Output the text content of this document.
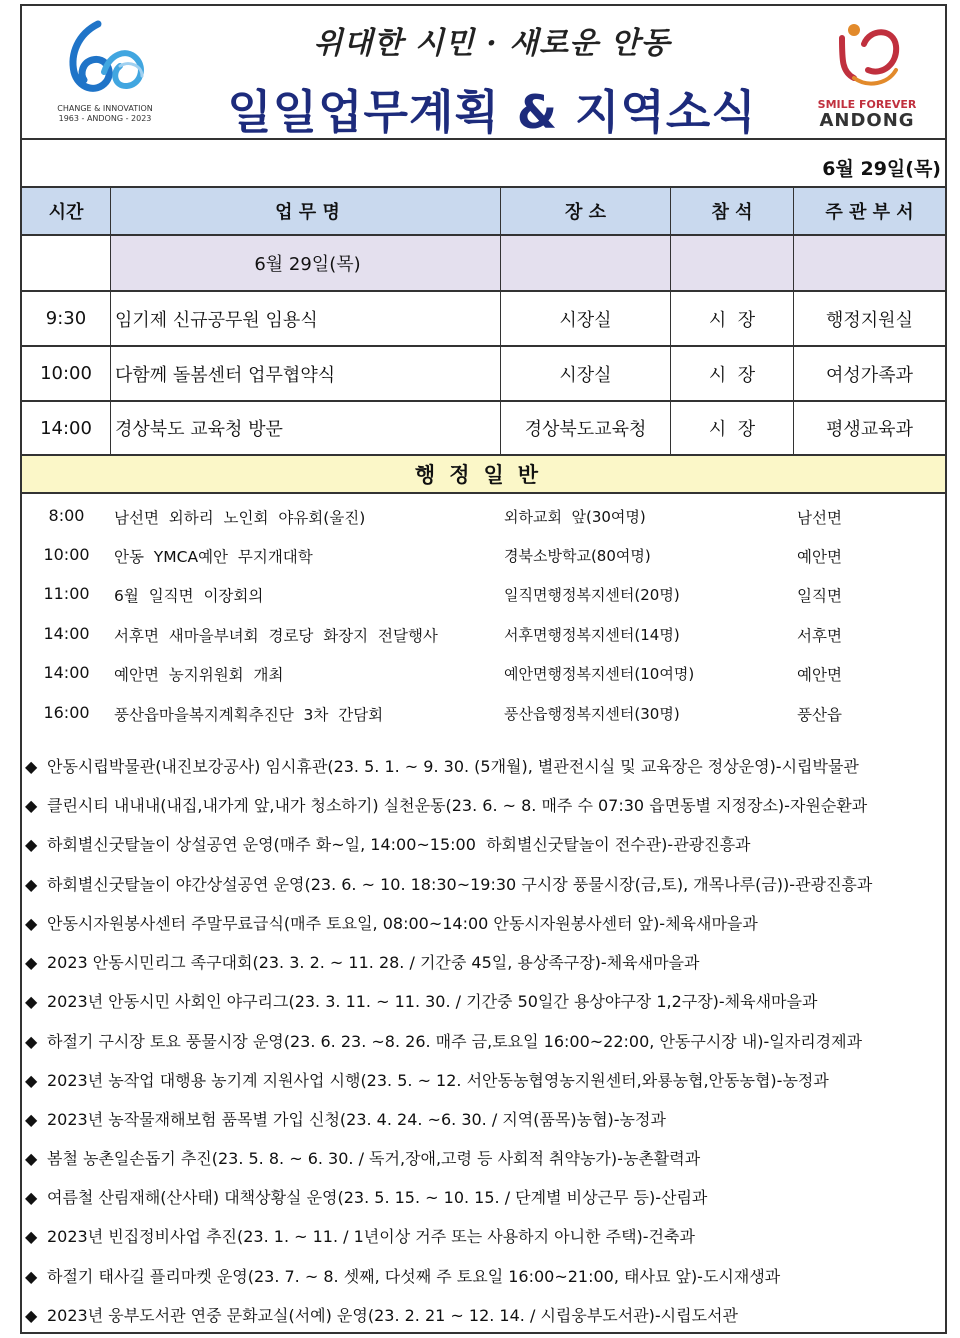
CHANGE & INNOVATION
1963 - ANDONG - 2023
위대한 시민 · 새로운 안동
일일업무계획 & 지역소식	SMILE FOREVER
ANDONG
6월 29일(목)
시간	업 무 명	장 소	참 석	주 관 부 서
6월 29일(목)
9:30	임기제 신규공무원 임용식	시장실	시  장	행정지원실
10:00	다함께 돌봄센터 업무협약식	시장실	시  장	여성가족과
14:00	경상북도 교육청 방문	경상북도교육청	시  장	평생교육과
행정일반
8:00	남선면  외하리  노인회  야유회(울진)	외하교회  앞(30여명)	남선면
10:00	안동  YMCA예안  무지개대학	경북소방학교(80여명)	예안면
11:00	6월  일직면  이장회의	일직면행정복지센터(20명)	일직면
14:00	서후면  새마을부녀회  경로당  화장지  전달행사	서후면행정복지센터(14명)	서후면
14:00	예안면  농지위원회  개최	예안면행정복지센터(10여명)	예안면
16:00	풍산읍마을복지계획추진단  3차  간담회	풍산읍행정복지센터(30명)	풍산읍
◆ 안동시립박물관(내진보강공사) 임시휴관(23. 5. 1. ~ 9. 30. (5개월), 별관전시실 및 교육장은 정상운영)-시립박물관
◆ 클린시티 내내내(내집,내가게 앞,내가 청소하기) 실천운동(23. 6. ~ 8. 매주 수 07:30 읍면동별 지정장소)-자원순환과
◆ 하회별신굿탈놀이 상설공연 운영(매주 화~일, 14:00~15:00  하회별신굿탈놀이 전수관)-관광진흥과
◆ 하회별신굿탈놀이 야간상설공연 운영(23. 6. ~ 10. 18:30~19:30 구시장 풍물시장(금,토), 개목나루(금))-관광진흥과
◆ 안동시자원봉사센터 주말무료급식(매주 토요일, 08:00~14:00 안동시자원봉사센터 앞)-체육새마을과
◆ 2023 안동시민리그 족구대회(23. 3. 2. ~ 11. 28. / 기간중 45일, 용상족구장)-체육새마을과
◆ 2023년 안동시민 사회인 야구리그(23. 3. 11. ~ 11. 30. / 기간중 50일간 용상야구장 1,2구장)-체육새마을과
◆ 하절기 구시장 토요 풍물시장 운영(23. 6. 23. ~8. 26. 매주 금,토요일 16:00~22:00, 안동구시장 내)-일자리경제과
◆ 2023년 농작업 대행용 농기계 지원사업 시행(23. 5. ~ 12. 서안동농협영농지원센터,와룡농협,안동농협)-농정과
◆ 2023년 농작물재해보험 품목별 가입 신청(23. 4. 24. ~6. 30. / 지역(품목)농협)-농정과
◆ 봄철 농촌일손돕기 추진(23. 5. 8. ~ 6. 30. / 독거,장애,고령 등 사회적 취약농가)-농촌활력과
◆ 여름철 산림재해(산사태) 대책상황실 운영(23. 5. 15. ~ 10. 15. / 단계별 비상근무 등)-산림과
◆ 2023년 빈집정비사업 추진(23. 1. ~ 11. / 1년이상 거주 또는 사용하지 아니한 주택)-건축과
◆ 하절기 태사길 플리마켓 운영(23. 7. ~ 8. 셋째, 다섯째 주 토요일 16:00~21:00, 태사묘 앞)-도시재생과
◆ 2023년 웅부도서관 연중 문화교실(서예) 운영(23. 2. 21 ~ 12. 14. / 시립웅부도서관)-시립도서관
